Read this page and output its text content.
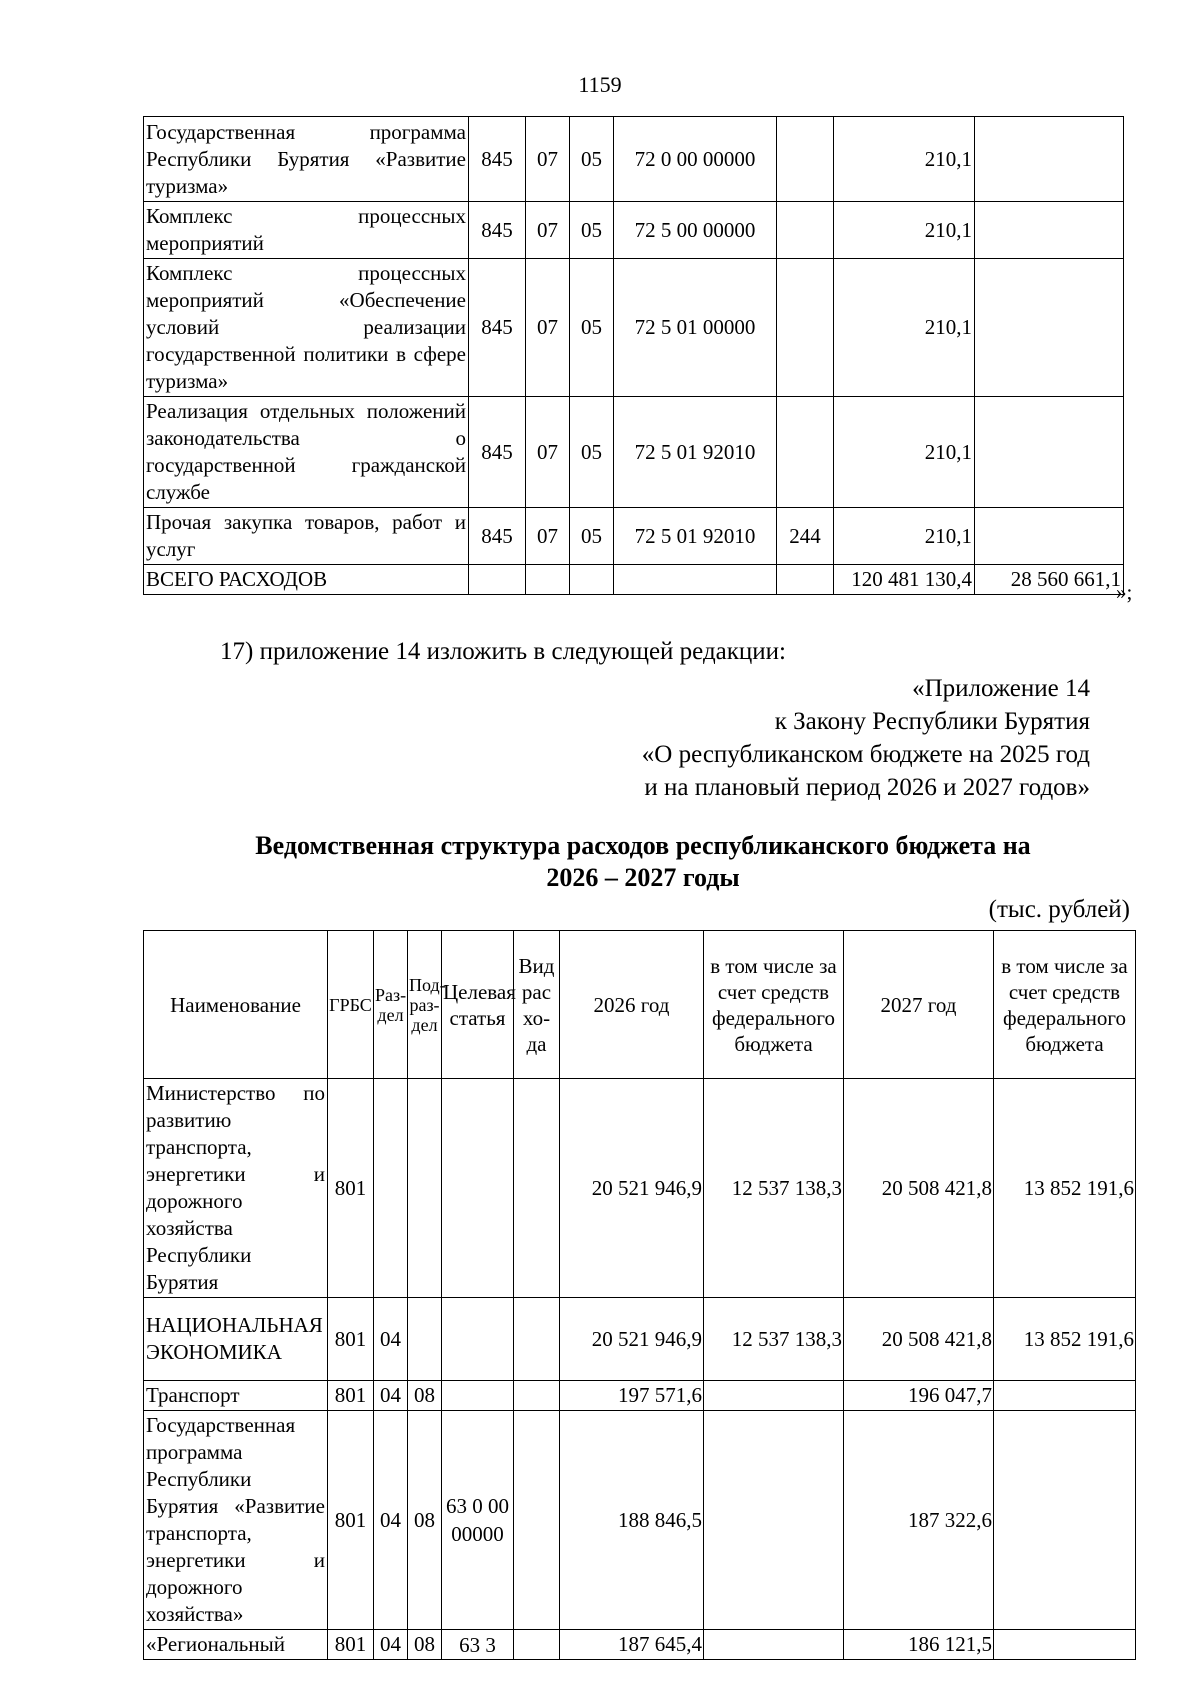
1159
Государственная программа Республики Бурятия «Развитие туризма»	845	07	05	72 0 00 00000		210,1	
Комплекс процессных мероприятий	845	07	05	72 5 00 00000		210,1	
Комплекс процессных мероприятий «Обеспечение условий реализации государственной политики в сфере туризма»	845	07	05	72 5 01 00000		210,1	
Реализация отдельных положений законодательства о государственной гражданской службе	845	07	05	72 5 01 92010		210,1	
Прочая закупка товаров, работ и услуг	845	07	05	72 5 01 92010	244	210,1	
ВСЕГО РАСХОДОВ						120 481 130,4	28 560 661,1
»;
17) приложение 14 изложить в следующей редакции:
«Приложение 14
к Закону Республики Бурятия
«О республиканском бюджете на 2025 год
и на плановый период 2026 и 2027 годов»
Ведомственная структура расходов республиканского бюджета на
2026 – 2027 годы
(тыс. рублей)
Наименование	ГРБС	Раз-дел	Под-раз-дел	Целевая статья	Вид рас хо-да	2026 год	в том числе за счет средств федерального бюджета	2027 год	в том числе за счет средств федерального бюджета
Министерство по развитию транспорта, энергетики и дорожного хозяйства Республики Бурятия	801					20 521 946,9	12 537 138,3	20 508 421,8	13 852 191,6
НАЦИОНАЛЬНАЯ ЭКОНОМИКА	801	04				20 521 946,9	12 537 138,3	20 508 421,8	13 852 191,6
Транспорт	801	04	08			197 571,6		196 047,7	
Государственная программа Республики Бурятия «Развитие транспорта, энергетики и дорожного хозяйства»	801	04	08	63 0 00 00000		188 846,5		187 322,6	
«Региональный	801	04	08	63 3		187 645,4		186 121,5	
